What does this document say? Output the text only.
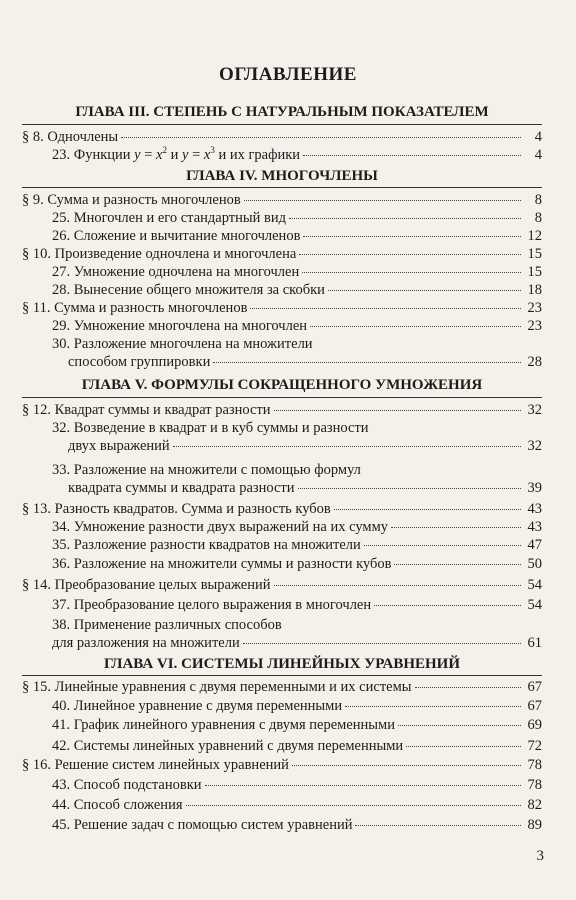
ОГЛАВЛЕНИЕ
ГЛАВА III. СТЕПЕНЬ С НАТУРАЛЬНЫМ ПОКАЗАТЕЛЕМ
§ 8. Одночлены	4
23. Функции $y = x^2$ и $y = x^3$ и их графики	4
ГЛАВА IV. МНОГОЧЛЕНЫ
§ 9. Сумма и разность многочленов	8
25. Многочлен и его стандартный вид	8
26. Сложение и вычитание многочленов	12
§ 10. Произведение одночлена и многочлена	15
27. Умножение одночлена на многочлен	15
28. Вынесение общего множителя за скобки	18
§ 11. Сумма и разность многочленов	23
29. Умножение многочлена на многочлен	23
30. Разложение многочлена на множители
способом группировки	28
ГЛАВА V. ФОРМУЛЫ СОКРАЩЕННОГО УМНОЖЕНИЯ
§ 12. Квадрат суммы и квадрат разности	32
32. Возведение в квадрат и в куб суммы и разности
двух выражений	32
33. Разложение на множители с помощью формул
квадрата суммы и квадрата разности	39
§ 13. Разность квадратов. Сумма и разность кубов	43
34. Умножение разности двух выражений на их сумму	43
35. Разложение разности квадратов на множители	47
36. Разложение на множители суммы и разности кубов	50
§ 14. Преобразование целых выражений	54
37. Преобразование целого выражения в многочлен	54
38. Применение различных способов
для разложения на множители	61
ГЛАВА VI. СИСТЕМЫ ЛИНЕЙНЫХ УРАВНЕНИЙ
§ 15. Линейные уравнения с двумя переменными и их системы	67
40. Линейное уравнение с двумя переменными	67
41. График линейного уравнения с двумя переменными	69
42. Системы линейных уравнений с двумя переменными	72
§ 16. Решение систем линейных уравнений	78
43. Способ подстановки	78
44. Способ сложения	82
45. Решение задач с помощью систем уравнений	89
3
